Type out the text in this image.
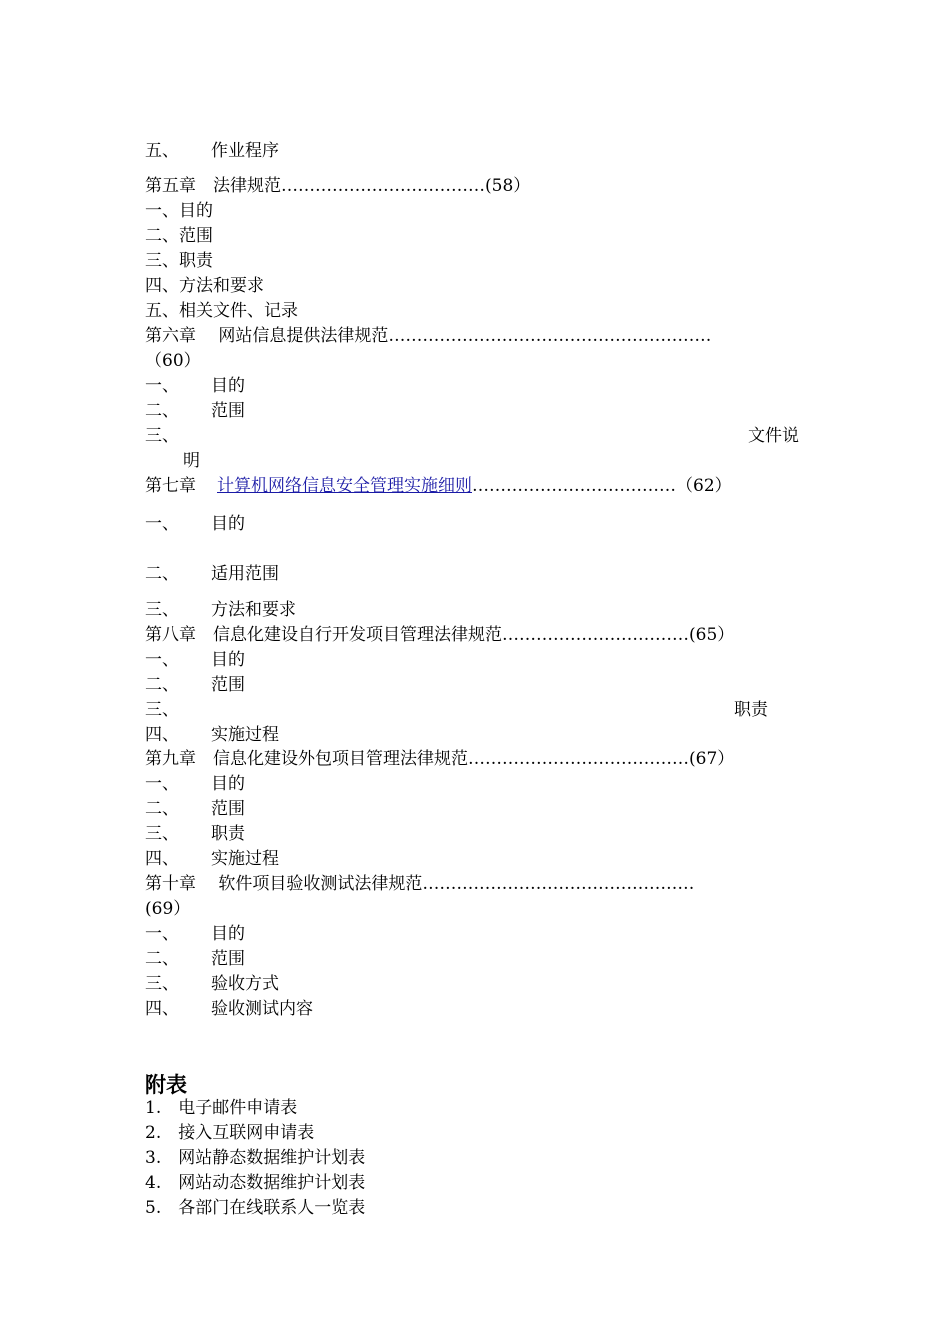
五、 作业程序
第五章　法律规范………………………………(58）
一、目的
二、范围
三、职责
四、方法和要求
五、相关文件、记录
第六章　 网站信息提供法律规范…………………………………………………
（60）
一、 目的
二、 范围
三、	文件说
明
第七章 计算机网络信息安全管理实施细则………………………………（62）
一、 目的
二、 适用范围
三、 方法和要求
第八章　信息化建设自行开发项目管理法律规范……………………………(65）
一、 目的
二、 范围
三、	职责
四、 实施过程
第九章　信息化建设外包项目管理法律规范…………………………………(67）
一、 目的
二、 范围
三、 职责
四、 实施过程
第十章　 软件项目验收测试法律规范…………………………………………
(69）
一、 目的
二、 范围
三、 验收方式
四、 验收测试内容
附表
1.　电子邮件申请表
2.　接入互联网申请表
3.　网站静态数据维护计划表
4.　网站动态数据维护计划表
5.　各部门在线联系人一览表
